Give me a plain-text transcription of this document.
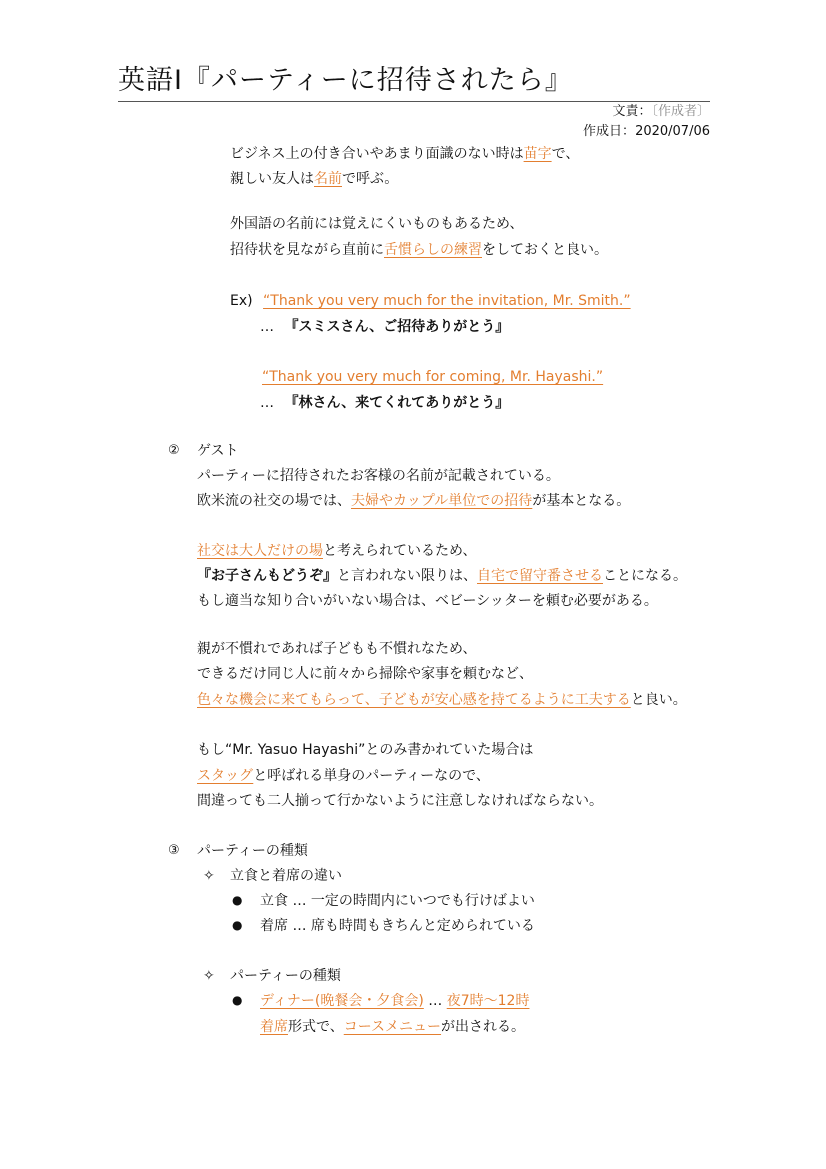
英語Ⅰ『パーティーに招待されたら』
文責：〔作成者〕
作成日：2020/07/06
ビジネス上の付き合いやあまり面識のない時は苗字で、
親しい友人は名前で呼ぶ。
外国語の名前には覚えにくいものもあるため、
招待状を見ながら直前に舌慣らしの練習をしておくと良い。
Ex) “Thank you very much for the invitation, Mr. Smith.”
… 『スミスさん、ご招待ありがとう』
“Thank you very much for coming, Mr. Hayashi.”
… 『林さん、来てくれてありがとう』
② ゲスト
パーティーに招待されたお客様の名前が記載されている。
欧米流の社交の場では、夫婦やカップル単位での招待が基本となる。
社交は大人だけの場と考えられているため、
『お子さんもどうぞ』と言われない限りは、自宅で留守番させることになる。
もし適当な知り合いがいない場合は、ベビーシッターを頼む必要がある。
親が不慣れであれば子どもも不慣れなため、
できるだけ同じ人に前々から掃除や家事を頼むなど、
色々な機会に来てもらって、子どもが安心感を持てるように工夫すると良い。
もし“Mr. Yasuo Hayashi”とのみ書かれていた場合は
スタッグと呼ばれる単身のパーティーなので、
間違っても二人揃って行かないように注意しなければならない。
③ パーティーの種類
✧ 立食と着席の違い
● 立食 … 一定の時間内にいつでも行けばよい
● 着席 … 席も時間もきちんと定められている
✧ パーティーの種類
● ディナー(晩餐会・夕食会) … 夜7時～12時
着席形式で、コースメニューが出される。
